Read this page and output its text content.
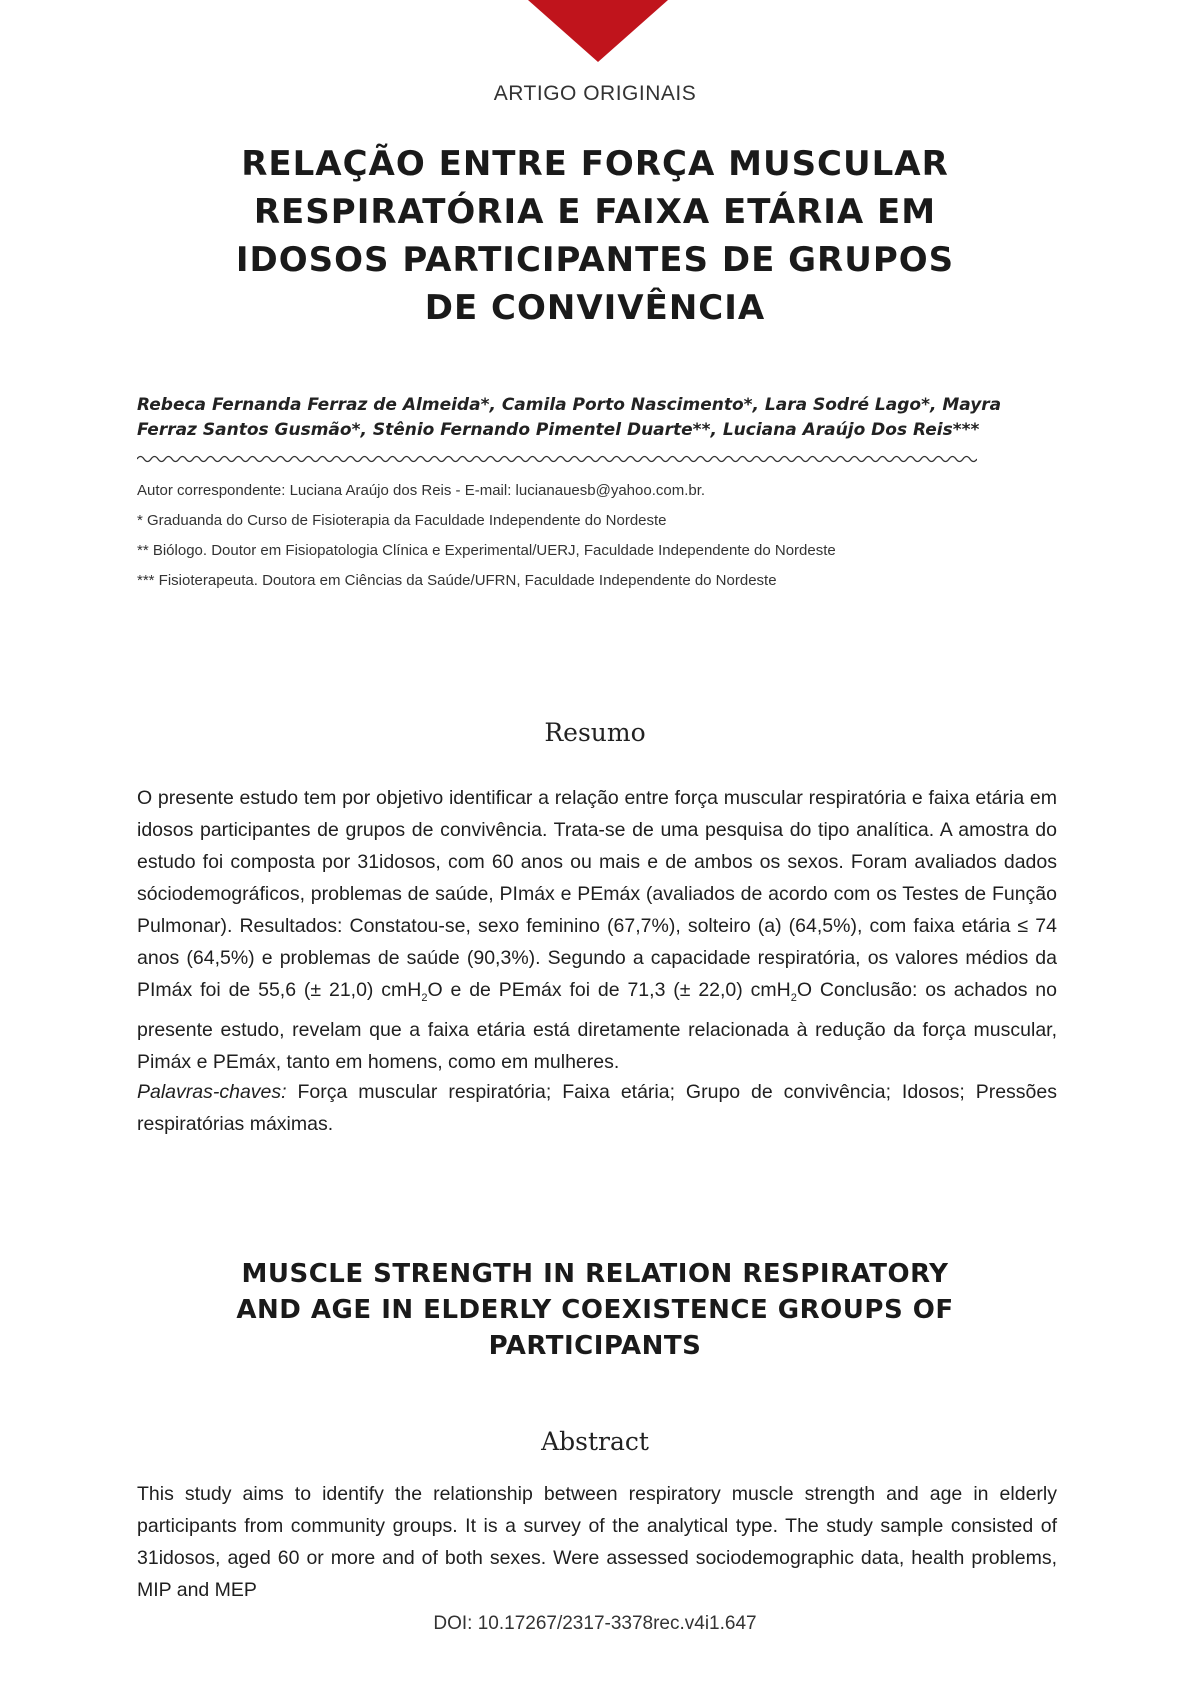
ARTIGO ORIGINAIS
RELAÇÃO ENTRE FORÇA MUSCULAR RESPIRATÓRIA E FAIXA ETÁRIA EM IDOSOS PARTICIPANTES DE GRUPOS DE CONVIVÊNCIA
Rebeca Fernanda Ferraz de Almeida*, Camila Porto Nascimento*, Lara Sodré Lago*, Mayra Ferraz Santos Gusmão*, Stênio Fernando Pimentel Duarte**, Luciana Araújo Dos Reis***
Autor correspondente: Luciana Araújo dos Reis - E-mail: lucianauesb@yahoo.com.br.
* Graduanda do Curso de Fisioterapia da Faculdade Independente do Nordeste
** Biólogo. Doutor em Fisiopatologia Clínica e Experimental/UERJ, Faculdade Independente do Nordeste
*** Fisioterapeuta. Doutora em Ciências da Saúde/UFRN, Faculdade Independente do Nordeste
Resumo

O presente estudo tem por objetivo identificar a relação entre força muscular respiratória e faixa etária em idosos participantes de grupos de convivência. Trata-se de uma pesquisa do tipo analítica. A amostra do estudo foi composta por 31idosos, com 60 anos ou mais e de ambos os sexos. Foram avaliados dados sóciodemográficos, problemas de saúde, PImáx e PEmáx (avaliados de acordo com os Testes de Função Pulmonar). Resultados: Constatou-se, sexo feminino (67,7%), solteiro (a) (64,5%), com faixa etária ≤ 74 anos (64,5%) e problemas de saúde (90,3%). Segundo a capacidade respiratória, os valores médios da PImáx foi de 55,6 (± 21,0) cmH$_2$O e de PEmáx foi de 71,3 (± 22,0) cmH$_2$O Conclusão: os achados no presente estudo, revelam que a faixa etária está diretamente relacionada à redução da força muscular, Pimáx e PEmáx, tanto em homens, como em mulheres.

Palavras-chaves: Força muscular respiratória; Faixa etária; Grupo de convivência; Idosos; Pressões respiratórias máximas.

MUSCLE STRENGTH IN RELATION RESPIRATORY AND AGE IN ELDERLY COEXISTENCE GROUPS OF PARTICIPANTS
Abstract

This study aims to identify the relationship between respiratory muscle strength and age in elderly participants from community groups. It is a survey of the analytical type. The study sample consisted of 31idosos, aged 60 or more and of both sexes. Were assessed sociodemographic data, health problems, MIP and MEP

DOI: 10.17267/2317-3378rec.v4i1.647
